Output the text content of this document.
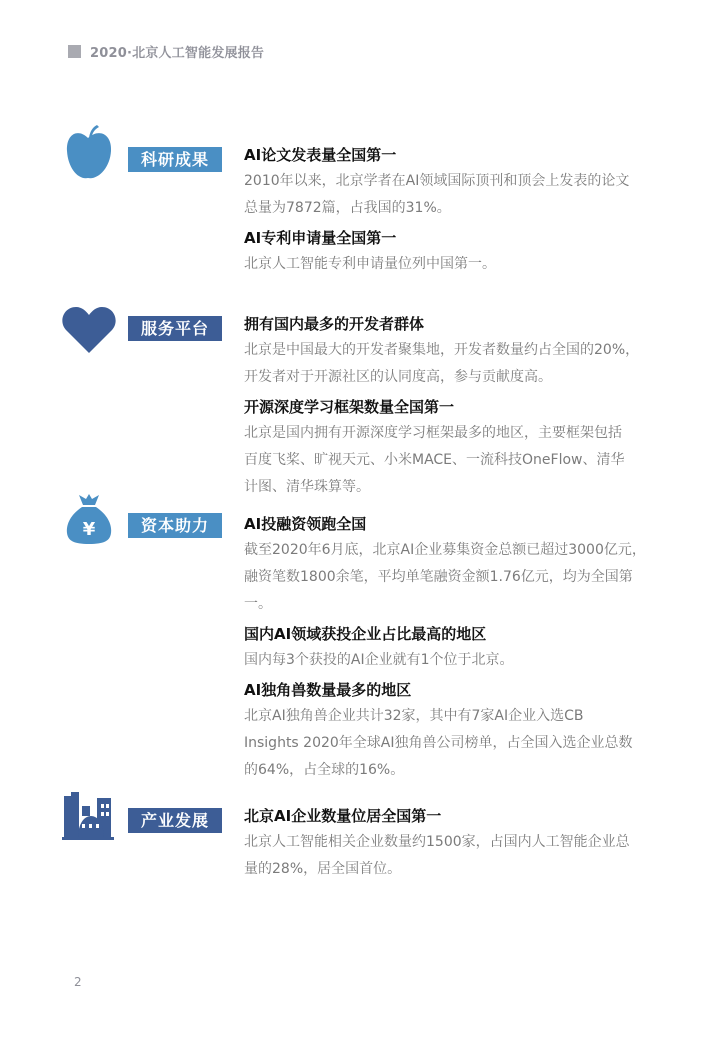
2020·北京人工智能发展报告
科研成果	AI论文发表量全国第一
2010年以来，北京学者在AI领域国际顶刊和顶会上发表的论文
总量为7872篇，占我国的31%。
AI专利申请量全国第一
北京人工智能专利申请量位列中国第一。
服务平台	拥有国内最多的开发者群体
北京是中国最大的开发者聚集地，开发者数量约占全国的20%，
开发者对于开源社区的认同度高，参与贡献度高。
开源深度学习框架数量全国第一
北京是国内拥有开源深度学习框架最多的地区，主要框架包括
百度飞桨、旷视天元、小米MACE、一流科技OneFlow、清华
计图、清华珠算等。
¥	资本助力	AI投融资领跑全国
截至2020年6月底，北京AI企业募集资金总额已超过3000亿元，
融资笔数1800余笔，平均单笔融资金额1.76亿元，均为全国第
一。
国内AI领域获投企业占比最高的地区
国内每3个获投的AI企业就有1个位于北京。
AI独角兽数量最多的地区
北京AI独角兽企业共计32家，其中有7家AI企业入选CB
Insights 2020年全球AI独角兽公司榜单，占全国入选企业总数
的64%，占全球的16%。
产业发展	北京AI企业数量位居全国第一
北京人工智能相关企业数量约1500家，占国内人工智能企业总
量的28%，居全国首位。
2
